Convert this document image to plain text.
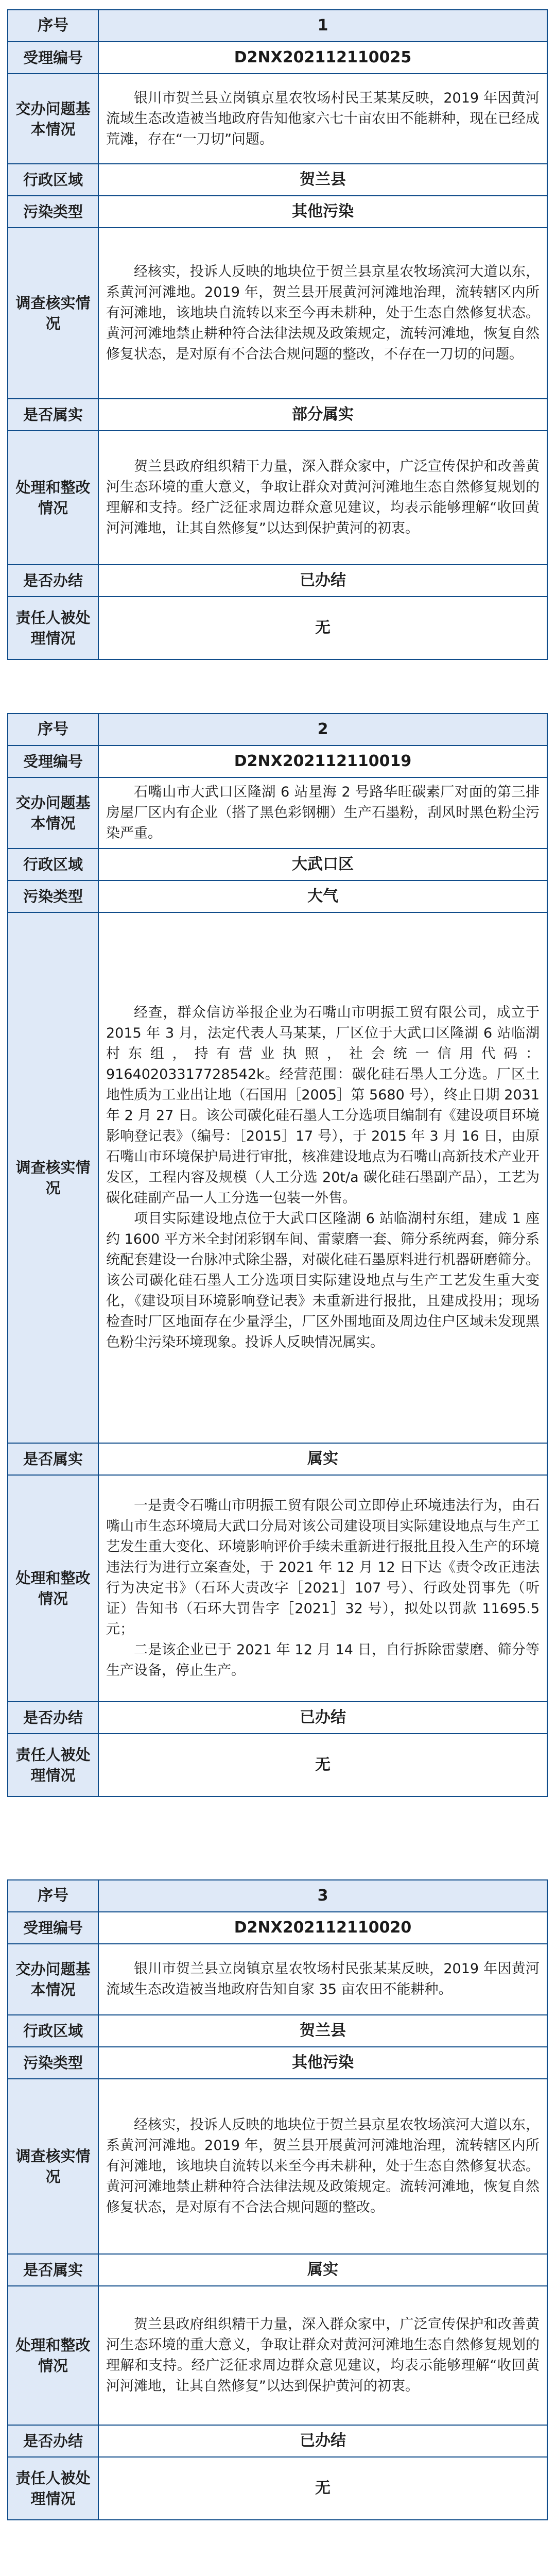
序号	1
受理编号	D2NX202112110025
交办问题基本情况

银川市贺兰县立岗镇京星农牧场村民王某某反映，2019 年因黄河流域生态改造被当地政府告知他家六七十亩农田不能耕种，现在已经成荒滩，存在“一刀切”问题。

行政区域	贺兰县
污染类型	其他污染
调查核实情况

经核实，投诉人反映的地块位于贺兰县京星农牧场滨河大道以东，系黄河河滩地。2019 年，贺兰县开展黄河河滩地治理，流转辖区内所有河滩地，该地块自流转以来至今再未耕种，处于生态自然修复状态。黄河河滩地禁止耕种符合法律法规及政策规定，流转河滩地，恢复自然修复状态，是对原有不合法合规问题的整改，不存在一刀切的问题。

是否属实	部分属实
处理和整改情况

贺兰县政府组织精干力量，深入群众家中，广泛宣传保护和改善黄河生态环境的重大意义，争取让群众对黄河河滩地生态自然修复规划的理解和支持。经广泛征求周边群众意见建议，均表示能够理解“收回黄河河滩地，让其自然修复”以达到保护黄河的初衷。

是否办结	已办结
责任人被处理情况
无
序号	2
受理编号	D2NX202112110019
交办问题基本情况

石嘴山市大武口区隆湖 6 站星海 2 号路华旺碳素厂对面的第三排房屋厂区内有企业（搭了黑色彩钢棚）生产石墨粉，刮风时黑色粉尘污染严重。

行政区域	大武口区
污染类型	大气
调查核实情况

经查，群众信访举报企业为石嘴山市明振工贸有限公司，成立于 2015 年 3 月，法定代表人马某某，厂区位于大武口区隆湖 6 站临湖村东组，持有营业执照，社会统一信用代码：91640203317728542k。经营范围：碳化硅石墨人工分选。厂区土地性质为工业出让地（石国用［2005］第 5680 号），终止日期 2031 年 2 月 27 日。该公司碳化硅石墨人工分选项目编制有《建设项目环境影响登记表》（编号：［2015］17 号），于 2015 年 3 月 16 日，由原石嘴山市环境保护局进行审批，核准建设地点为石嘴山高新技术产业开发区，工程内容及规模（人工分选 20t/a 碳化硅石墨副产品），工艺为碳化硅副产品一人工分选一包装一外售。

项目实际建设地点位于大武口区隆湖 6 站临湖村东组，建成 1 座约 1600 平方米全封闭彩钢车间、雷蒙磨一套、筛分系统两套，筛分系统配套建设一台脉冲式除尘器，对碳化硅石墨原料进行机器研磨筛分。该公司碳化硅石墨人工分选项目实际建设地点与生产工艺发生重大变化，《建设项目环境影响登记表》未重新进行报批，且建成投用；现场检查时厂区地面存在少量浮尘，厂区外围地面及周边住户区域未发现黑色粉尘污染环境现象。投诉人反映情况属实。

是否属实	属实
处理和整改情况

一是责令石嘴山市明振工贸有限公司立即停止环境违法行为，由石嘴山市生态环境局大武口分局对该公司建设项目实际建设地点与生产工艺发生重大变化、环境影响评价手续未重新进行报批且投入生产的环境违法行为进行立案查处，于 2021 年 12 月 12 日下达《责令改正违法行为决定书》（石环大责改字［2021］107 号）、行政处罚事先（听证）告知书（石环大罚告字［2021］32 号），拟处以罚款 11695.5 元；

二是该企业已于 2021 年 12 月 14 日，自行拆除雷蒙磨、筛分等生产设备，停止生产。

是否办结	已办结
责任人被处理情况
无
序号	3
受理编号	D2NX202112110020
交办问题基本情况

银川市贺兰县立岗镇京星农牧场村民张某某反映，2019 年因黄河流域生态改造被当地政府告知自家 35 亩农田不能耕种。

行政区域	贺兰县
污染类型	其他污染
调查核实情况

经核实，投诉人反映的地块位于贺兰县京星农牧场滨河大道以东，系黄河河滩地。2019 年，贺兰县开展黄河河滩地治理，流转辖区内所有河滩地，该地块自流转以来至今再未耕种，处于生态自然修复状态。黄河河滩地禁止耕种符合法律法规及政策规定。流转河滩地，恢复自然修复状态，是对原有不合法合规问题的整改。

是否属实	属实
处理和整改情况

贺兰县政府组织精干力量，深入群众家中，广泛宣传保护和改善黄河生态环境的重大意义，争取让群众对黄河河滩地生态自然修复规划的理解和支持。经广泛征求周边群众意见建议，均表示能够理解“收回黄河河滩地，让其自然修复”以达到保护黄河的初衷。

是否办结	已办结
责任人被处理情况
无
